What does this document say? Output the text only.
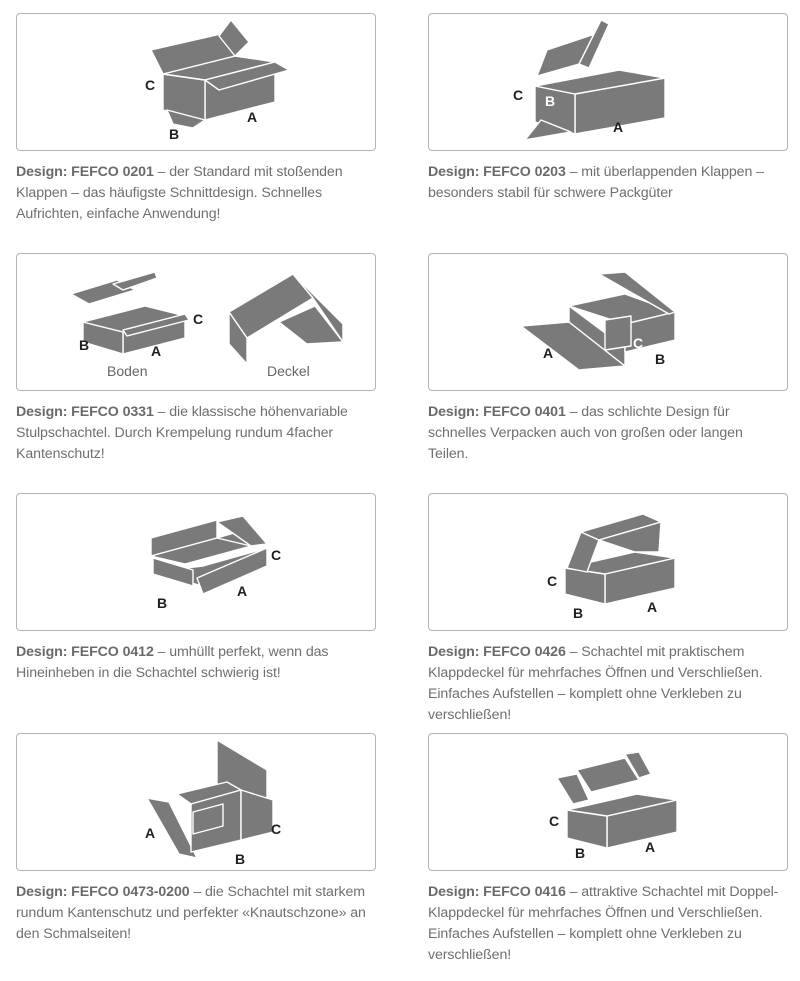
C
A
B
Design: FEFCO 0201 – der Standard mit stoßenden
Klappen – das häufigste Schnittdesign. Schnelles
Aufrichten, einfache Anwendung!
C B
A
Design: FEFCO 0203 – mit überlappenden Klappen –
besonders stabil für schwere Packgüter
B	A
C
Boden	Deckel
Design: FEFCO 0331 – die klassische höhenvariable
Stulpschachtel. Durch Krempelung rundum 4facher
Kantenschutz!
A
C
B
Design: FEFCO 0401 – das schlichte Design für
schnelles Verpacken auch von großen oder langen
Teilen.
C
B
A
Design: FEFCO 0412 – umhüllt perfekt, wenn das
Hineinheben in die Schachtel schwierig ist!
C
B	A
Design: FEFCO 0426 – Schachtel mit praktischem
Klappdeckel für mehrfaches Öffnen und Verschließen.
Einfaches Aufstellen – komplett ohne Verkleben zu
verschließen!
A	C
B
Design: FEFCO 0473-0200 – die Schachtel mit starkem
rundum Kantenschutz und perfekter «Knautschzone» an
den Schmalseiten!
C
B	A
Design: FEFCO 0416 – attraktive Schachtel mit Doppel-
Klappdeckel für mehrfaches Öffnen und Verschließen.
Einfaches Aufstellen – komplett ohne Verkleben zu
verschließen!
